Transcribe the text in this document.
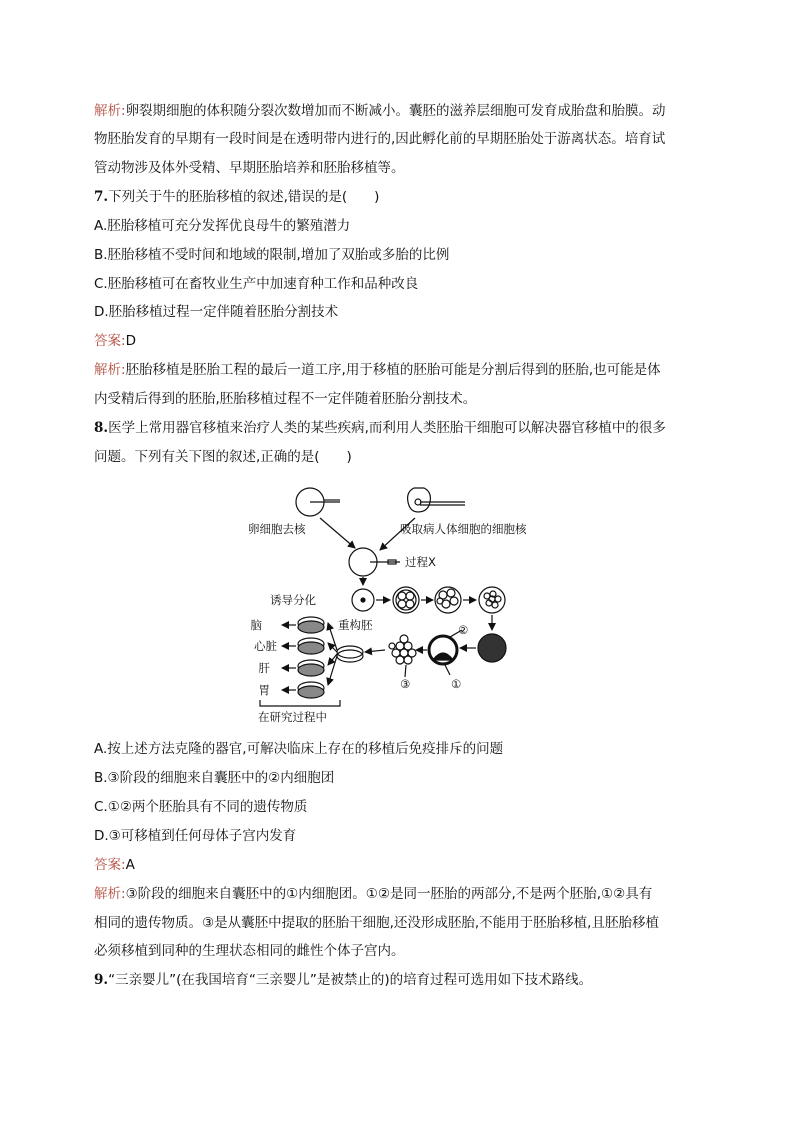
解析:卵裂期细胞的体积随分裂次数增加而不断减小。囊胚的滋养层细胞可发育成胎盘和胎膜。动
物胚胎发育的早期有一段时间是在透明带内进行的,因此孵化前的早期胚胎处于游离状态。培育试
管动物涉及体外受精、早期胚胎培养和胚胎移植等。
7.下列关于牛的胚胎移植的叙述,错误的是(　　)
A.胚胎移植可充分发挥优良母牛的繁殖潜力
B.胚胎移植不受时间和地域的限制,增加了双胎或多胎的比例
C.胚胎移植可在畜牧业生产中加速育种工作和品种改良
D.胚胎移植过程一定伴随着胚胎分割技术
答案:D
解析:胚胎移植是胚胎工程的最后一道工序,用于移植的胚胎可能是分割后得到的胚胎,也可能是体
内受精后得到的胚胎,胚胎移植过程不一定伴随着胚胎分割技术。
8.医学上常用器官移植来治疗人类的某些疾病,而利用人类胚胎干细胞可以解决器官移植中的很多
问题。下列有关下图的叙述,正确的是(　　)
卵细胞去核	吸取病人体细胞的细胞核
过程X
诱导分化
重构胚
脑
心脏
肝
胃
在研究过程中
②
①
③
A.按上述方法克隆的器官,可解决临床上存在的移植后免疫排斥的问题
B.③阶段的细胞来自囊胚中的②内细胞团
C.①②两个胚胎具有不同的遗传物质
D.③可移植到任何母体子宫内发育
答案:A
解析:③阶段的细胞来自囊胚中的①内细胞团。①②是同一胚胎的两部分,不是两个胚胎,①②具有
相同的遗传物质。③是从囊胚中提取的胚胎干细胞,还没形成胚胎,不能用于胚胎移植,且胚胎移植
必须移植到同种的生理状态相同的雌性个体子宫内。
9.“三亲婴儿”(在我国培育“三亲婴儿”是被禁止的)的培育过程可选用如下技术路线。
